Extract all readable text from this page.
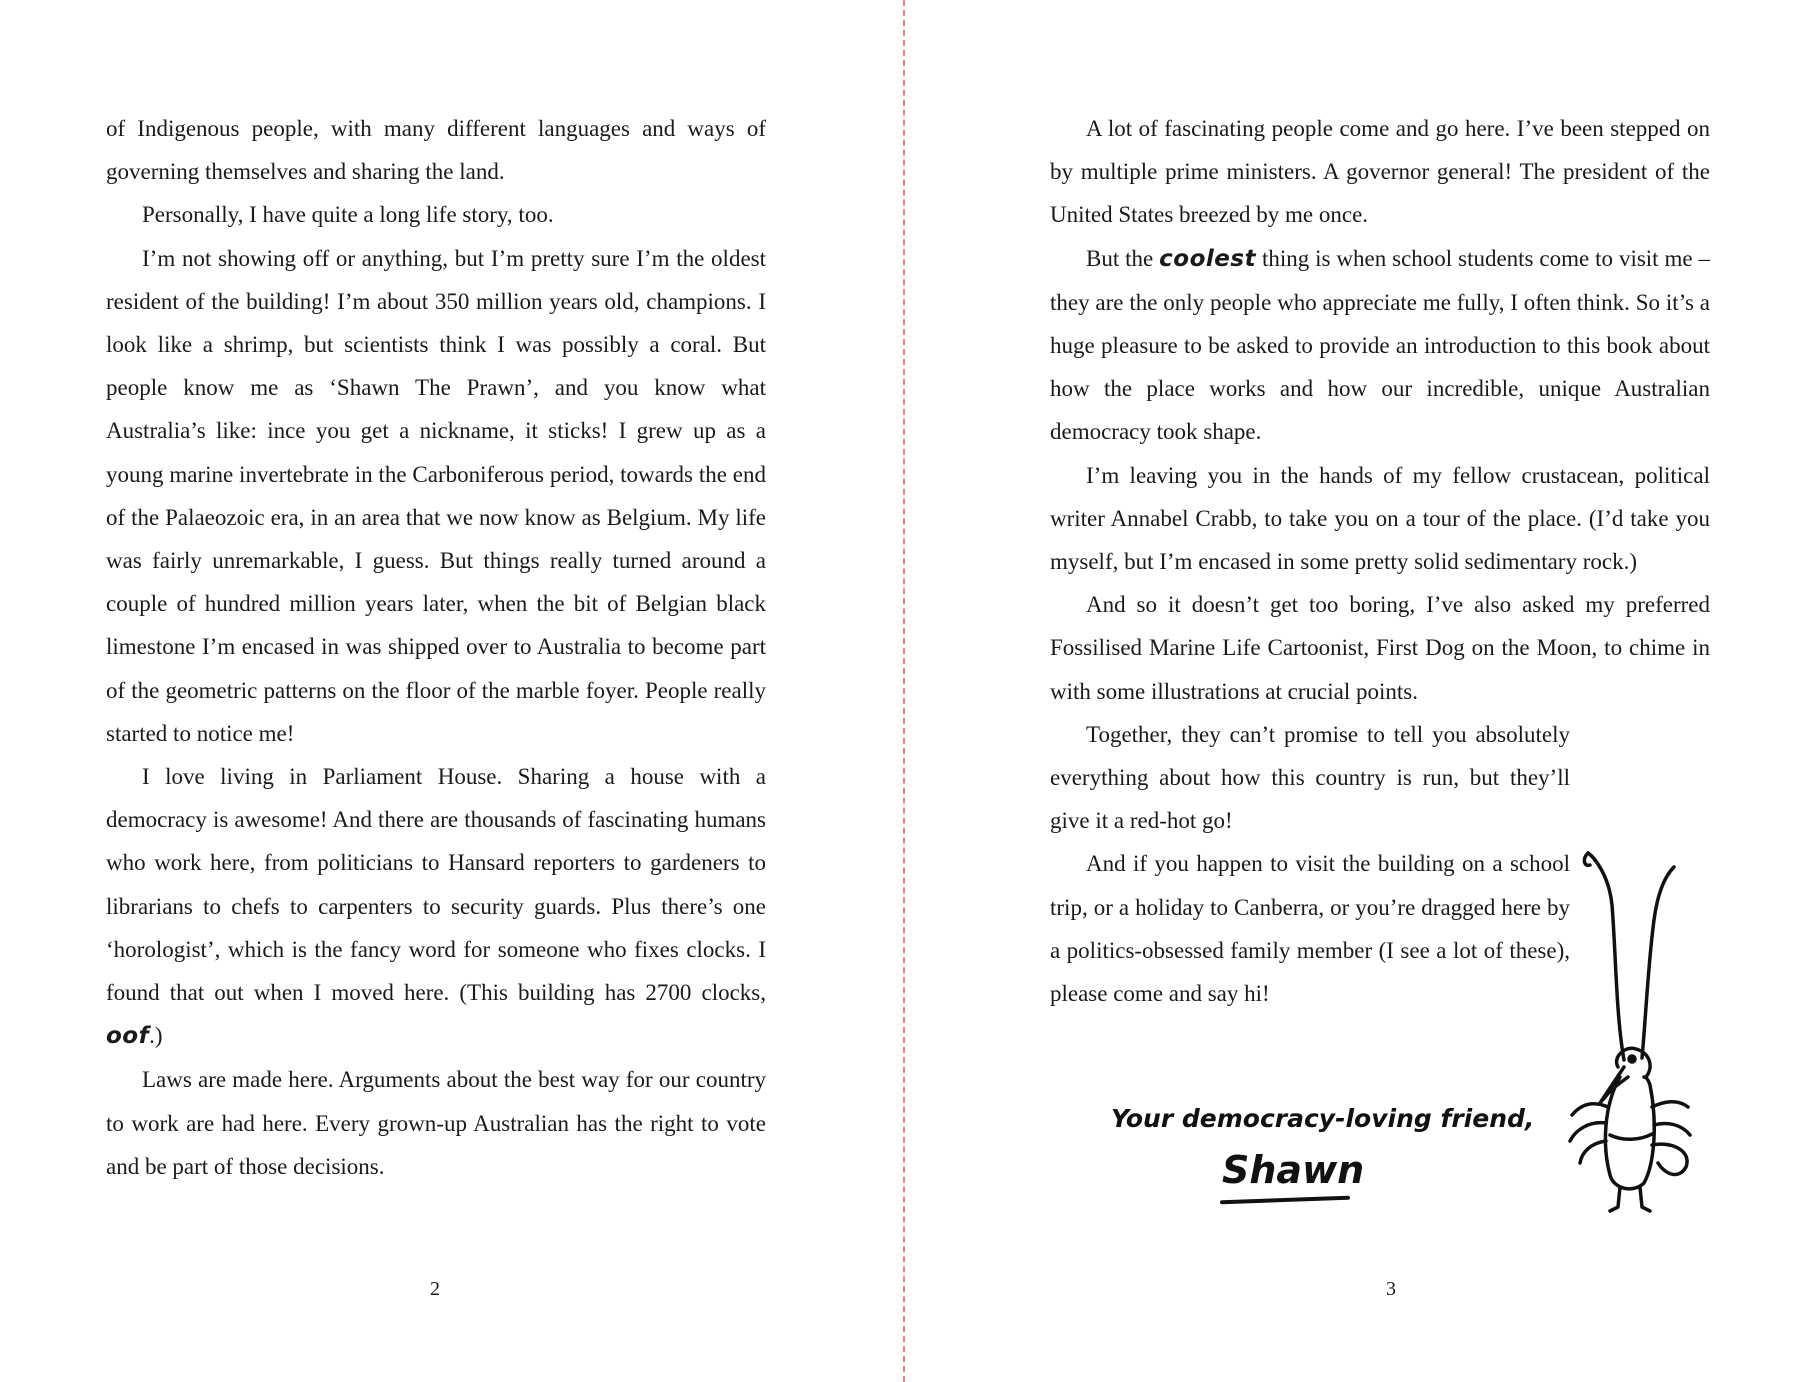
of Indigenous people, with many different languages and ways of governing themselves and sharing the land.

Personally, I have quite a long life story, too.

I’m not showing off or anything, but I’m pretty sure I’m the oldest resident of the building! I’m about 350 million years old, champions. I look like a shrimp, but scientists think I was possibly a coral. But people know me as ‘Shawn The Prawn’, and you know what Australia’s like: ince you get a nickname, it sticks! I grew up as a young marine invertebrate in the Carboniferous period, towards the end of the Palaeozoic era, in an area that we now know as Belgium. My life was fairly unremarkable, I guess. But things really turned around a couple of hundred million years later, when the bit of Belgian black limestone I’m encased in was shipped over to Australia to become part of the geometric patterns on the floor of the marble foyer. People really started to notice me!

I love living in Parliament House. Sharing a house with a democracy is awesome! And there are thousands of fascinating humans who work here, from politicians to Hansard reporters to gardeners to librarians to chefs to carpenters to security guards. Plus there’s one ‘horologist’, which is the fancy word for someone who fixes clocks. I found that out when I moved here. (This building has 2700 clocks, oof.)

Laws are made here. Arguments about the best way for our country to work are had here. Every grown-up Australian has the right to vote and be part of those decisions.

2

A lot of fascinating people come and go here. I’ve been stepped on by multiple prime ministers. A governor general! The president of the United States breezed by me once.

But the coolest thing is when school students come to visit me – they are the only people who appreciate me fully, I often think. So it’s a huge pleasure to be asked to provide an introduction to this book about how the place works and how our incredible, unique Australian democracy took shape.

I’m leaving you in the hands of my fellow crustacean, political writer Annabel Crabb, to take you on a tour of the place. (I’d take you myself, but I’m encased in some pretty solid sedimentary rock.)

And so it doesn’t get too boring, I’ve also asked my preferred Fossilised Marine Life Cartoonist, First Dog on the Moon, to chime in with some illustrations at crucial points.

Together, they can’t promise to tell you absolutely everything about how this country is run, but they’ll give it a red-hot go!

And if you happen to visit the building on a school trip, or a holiday to Canberra, or you’re dragged here by a politics-obsessed family member (I see a lot of these), please come and say hi!

Your democracy-loving friend,
Shawn
3
